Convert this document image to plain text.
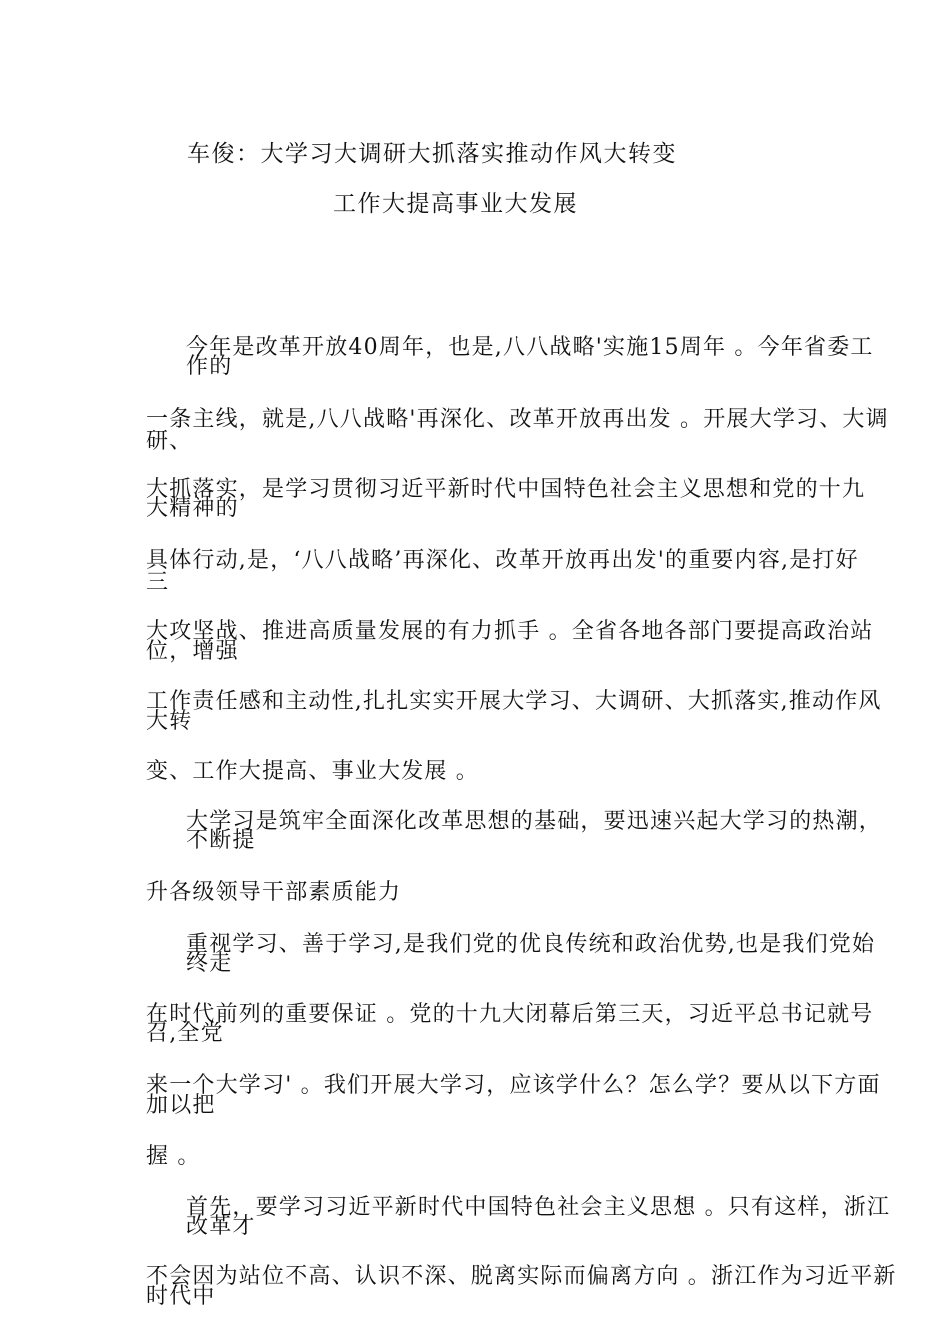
车俊：大学习大调研大抓落实推动作风大转变
工作大提高事业大发展
今年是改革开放40周年，也是,八八战略'实施15周年 。今年省委工
作的
一条主线，就是,八八战略'再深化、改革开放再出发 。开展大学习、大调
研、
大抓落实，是学习贯彻习近平新时代中国特色社会主义思想和党的十九
大精神的
具体行动,是，‘八八战略’再深化、改革开放再出发'的重要内容,是打好
三
大攻坚战、推进高质量发展的有力抓手 。全省各地各部门要提高政治站
位，增强
工作责任感和主动性,扎扎实实开展大学习、大调研、大抓落实,推动作风
大转
变、工作大提高、事业大发展 。
大学习是筑牢全面深化改革思想的基础，要迅速兴起大学习的热潮，
不断提
升各级领导干部素质能力
重视学习、善于学习,是我们党的优良传统和政治优势,也是我们党始
终走
在时代前列的重要保证 。党的十九大闭幕后第三天，习近平总书记就号
召,全党
来一个大学习' 。我们开展大学习，应该学什么？怎么学？要从以下方面
加以把
握 。
首先，要学习习近平新时代中国特色社会主义思想 。只有这样，浙江
改革才
不会因为站位不高、认识不深、脱离实际而偏离方向 。浙江作为习近平新
时代中
